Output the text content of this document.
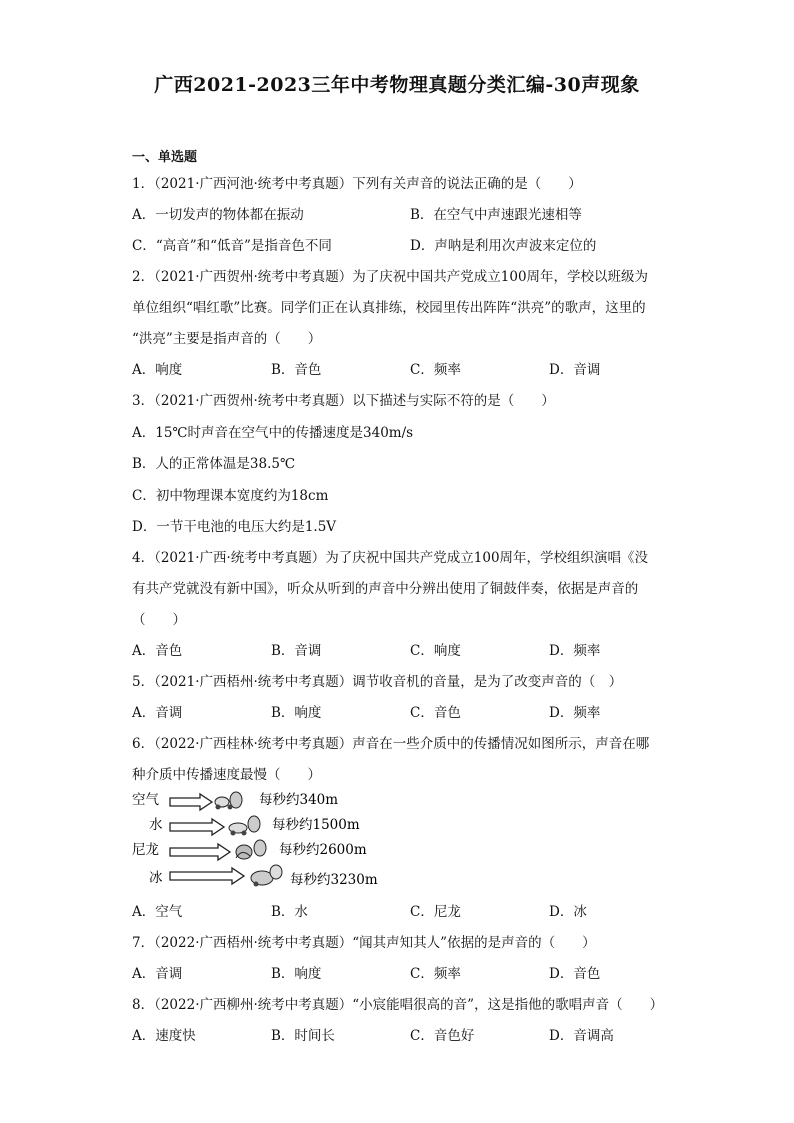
广西2021-2023三年中考物理真题分类汇编-30声现象
一、单选题
1．（2021·广西河池·统考中考真题）下列有关声音的说法正确的是（　　）
A．一切发声的物体都在振动	B．在空气中声速跟光速相等
C．“高音”和“低音”是指音色不同	D．声呐是利用次声波来定位的
2．（2021·广西贺州·统考中考真题）为了庆祝中国共产党成立100周年，学校以班级为
单位组织“唱红歌”比赛。同学们正在认真排练，校园里传出阵阵“洪亮”的歌声，这里的
“洪亮”主要是指声音的（　　）
A．响度	B．音色	C．频率	D．音调
3．（2021·广西贺州·统考中考真题）以下描述与实际不符的是（　　）
A．15℃时声音在空气中的传播速度是340m/s
B．人的正常体温是38.5℃
C．初中物理课本宽度约为18cm
D．一节干电池的电压大约是1.5V
4．（2021·广西·统考中考真题）为了庆祝中国共产党成立100周年，学校组织演唱《没
有共产党就没有新中国》，听众从听到的声音中分辨出使用了铜鼓伴奏，依据是声音的
（　　）
A．音色	B．音调	C．响度	D．频率
5．（2021·广西梧州·统考中考真题）调节收音机的音量，是为了改变声音的（　）
A．音调	B．响度	C．音色	D．频率
6．（2022·广西桂林·统考中考真题）声音在一些介质中的传播情况如图所示，声音在哪
种介质中传播速度最慢（　　）
空气	每秒约340m
水	每秒约1500m
尼龙	每秒约2600m
冰	每秒约3230m
A．空气	B．水	C．尼龙	D．冰
7．（2022·广西梧州·统考中考真题）“闻其声知其人”依据的是声音的（　　）
A．音调	B．响度	C．频率	D．音色
8．（2022·广西柳州·统考中考真题）“小宸能唱很高的音”，这是指他的歌唱声音（　　）
A．速度快	B．时间长	C．音色好	D．音调高
